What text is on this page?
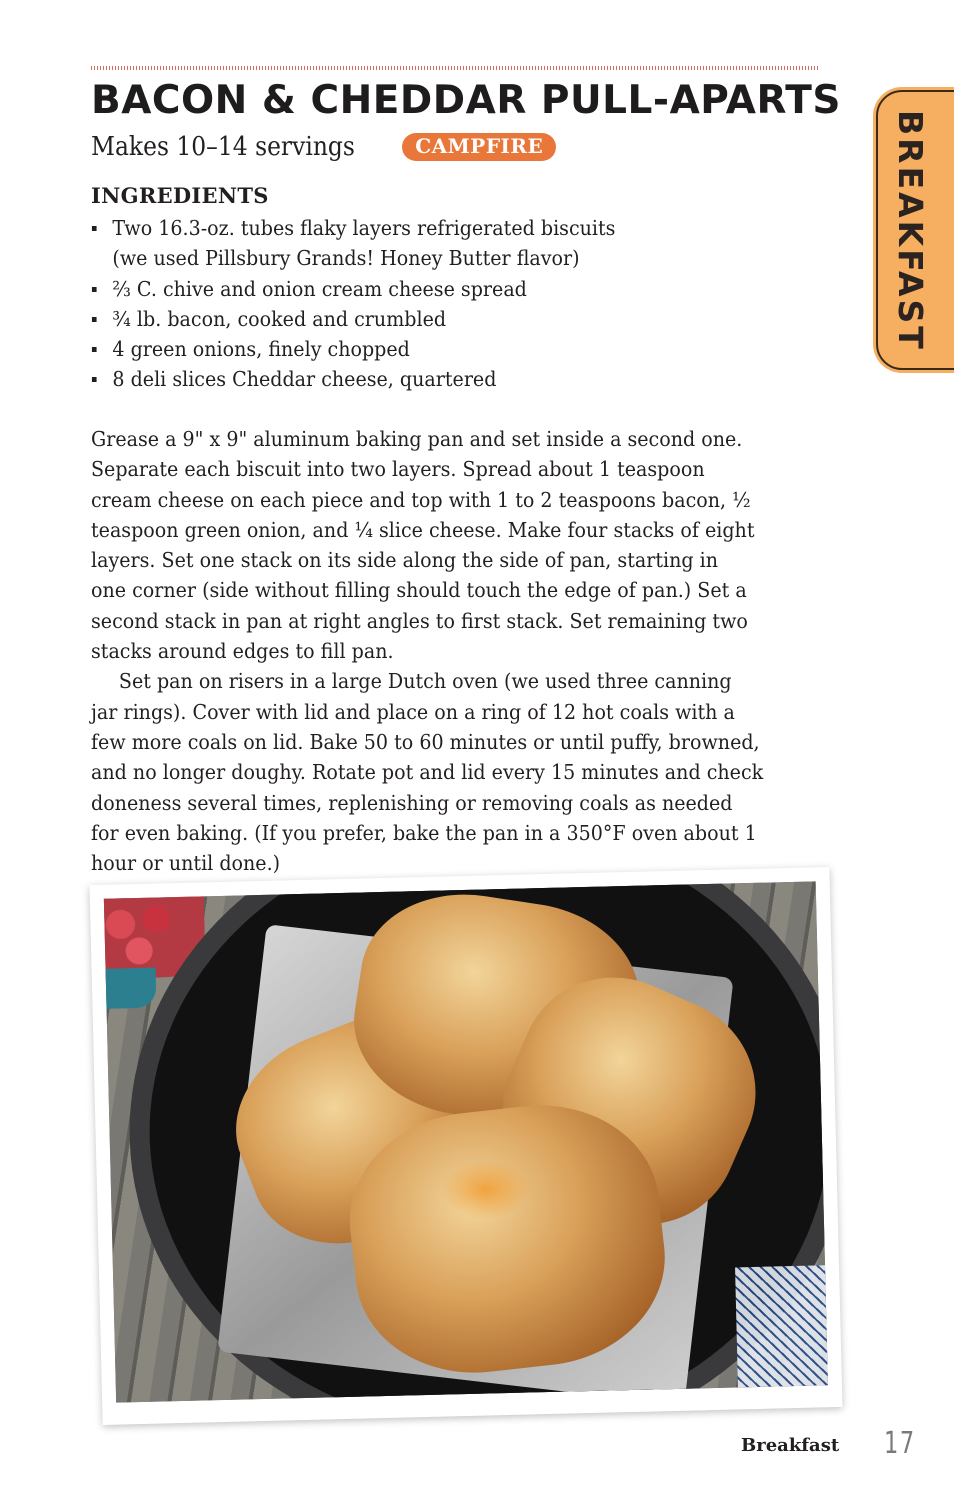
BACON & CHEDDAR PULL-APARTS
Makes 10–14 servings	CAMPFIRE	BREAKFAST
INGREDIENTS
Two 16.3-oz. tubes flaky layers refrigerated biscuits
(we used Pillsbury Grands! Honey Butter flavor)
⅔ C. chive and onion cream cheese spread
¾ lb. bacon, cooked and crumbled
4 green onions, finely chopped
8 deli slices Cheddar cheese, quartered

Grease a 9" x 9" aluminum baking pan and set inside a second one.
Separate each biscuit into two layers. Spread about 1 teaspoon
cream cheese on each piece and top with 1 to 2 teaspoons bacon, ½
teaspoon green onion, and ¼ slice cheese. Make four stacks of eight
layers. Set one stack on its side along the side of pan, starting in
one corner (side without filling should touch the edge of pan.) Set a
second stack in pan at right angles to first stack. Set remaining two
stacks around edges to fill pan.

Set pan on risers in a large Dutch oven (we used three canning
jar rings). Cover with lid and place on a ring of 12 hot coals with a
few more coals on lid. Bake 50 to 60 minutes or until puffy, browned,
and no longer doughy. Rotate pot and lid every 15 minutes and check
doneness several times, replenishing or removing coals as needed
for even baking. (If you prefer, bake the pan in a 350°F oven about 1
hour or until done.)

Breakfast 17
